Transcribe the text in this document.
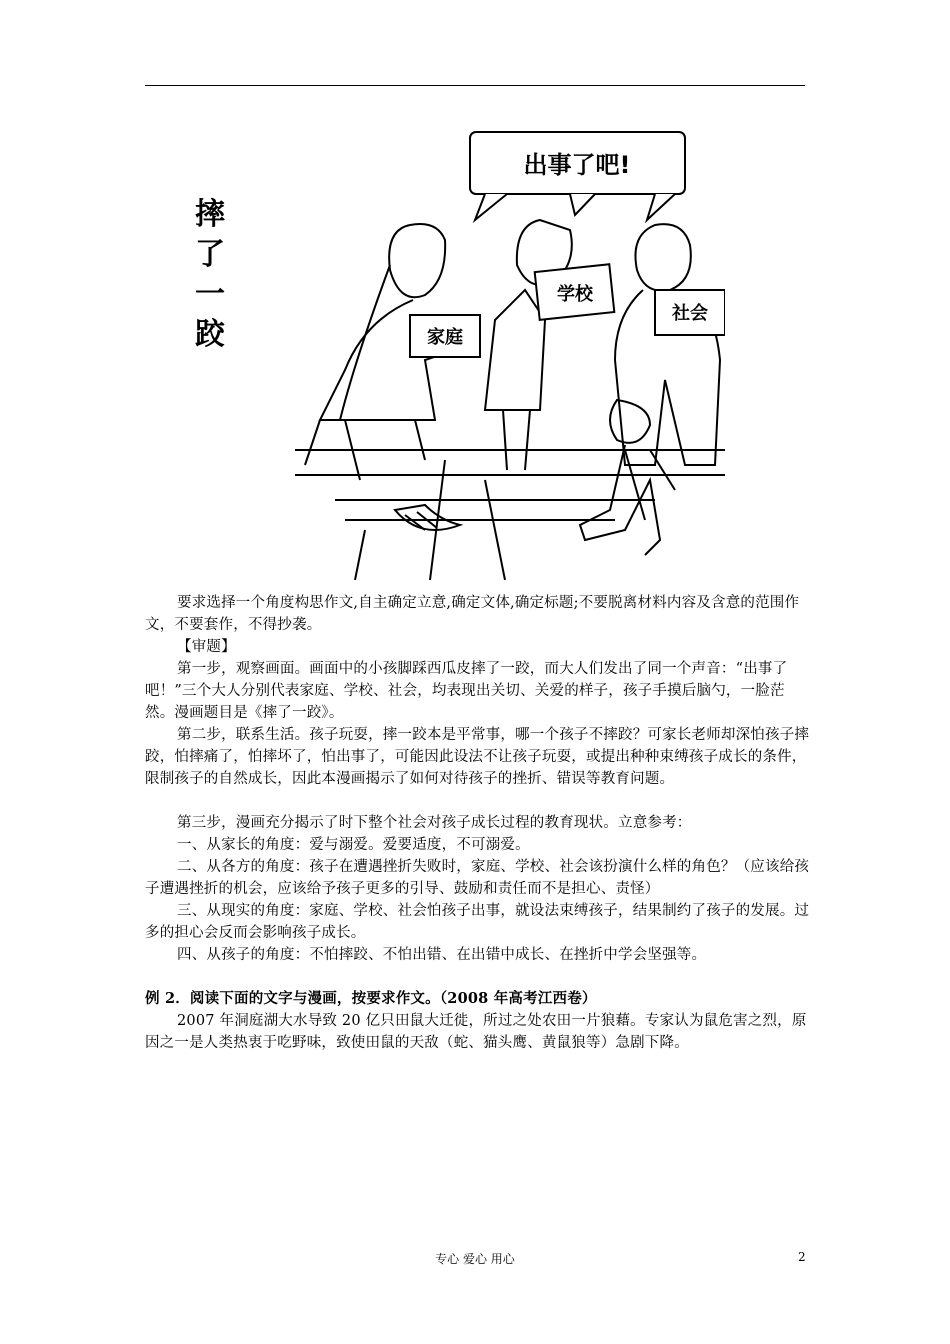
摔
了
一
跤
出事了吧!
家庭
学校
社会
要求选择一个角度构思作文,自主确定立意,确定文体,确定标题;不要脱离材料内容及含意的范围作文，不要套作，不得抄袭。
【审题】
第一步，观察画面。画面中的小孩脚踩西瓜皮摔了一跤，而大人们发出了同一个声音：“出事了吧！”三个大人分别代表家庭、学校、社会，均表现出关切、关爱的样子，孩子手摸后脑勺，一脸茫然。漫画题目是《摔了一跤》。
第二步，联系生活。孩子玩耍，摔一跤本是平常事，哪一个孩子不摔跤？可家长老师却深怕孩子摔跤，怕摔痛了，怕摔坏了，怕出事了，可能因此设法不让孩子玩耍，或提出种种束缚孩子成长的条件，限制孩子的自然成长，因此本漫画揭示了如何对待孩子的挫折、错误等教育问题。
第三步，漫画充分揭示了时下整个社会对孩子成长过程的教育现状。立意参考：
一、从家长的角度：爱与溺爱。爱要适度，不可溺爱。
二、从各方的角度：孩子在遭遇挫折失败时，家庭、学校、社会该扮演什么样的角色？（应该给孩子遭遇挫折的机会，应该给予孩子更多的引导、鼓励和责任而不是担心、责怪）
三、从现实的角度：家庭、学校、社会怕孩子出事，就设法束缚孩子，结果制约了孩子的发展。过多的担心会反而会影响孩子成长。
四、从孩子的角度：不怕摔跤、不怕出错、在出错中成长、在挫折中学会坚强等。
例 2．阅读下面的文字与漫画，按要求作文。（2008 年高考江西卷）
2007 年洞庭湖大水导致 20 亿只田鼠大迁徙，所过之处农田一片狼藉。专家认为鼠危害之烈，原因之一是人类热衷于吃野味，致使田鼠的天敌（蛇、猫头鹰、黄鼠狼等）急剧下降。
专心 爱心 用心	2
